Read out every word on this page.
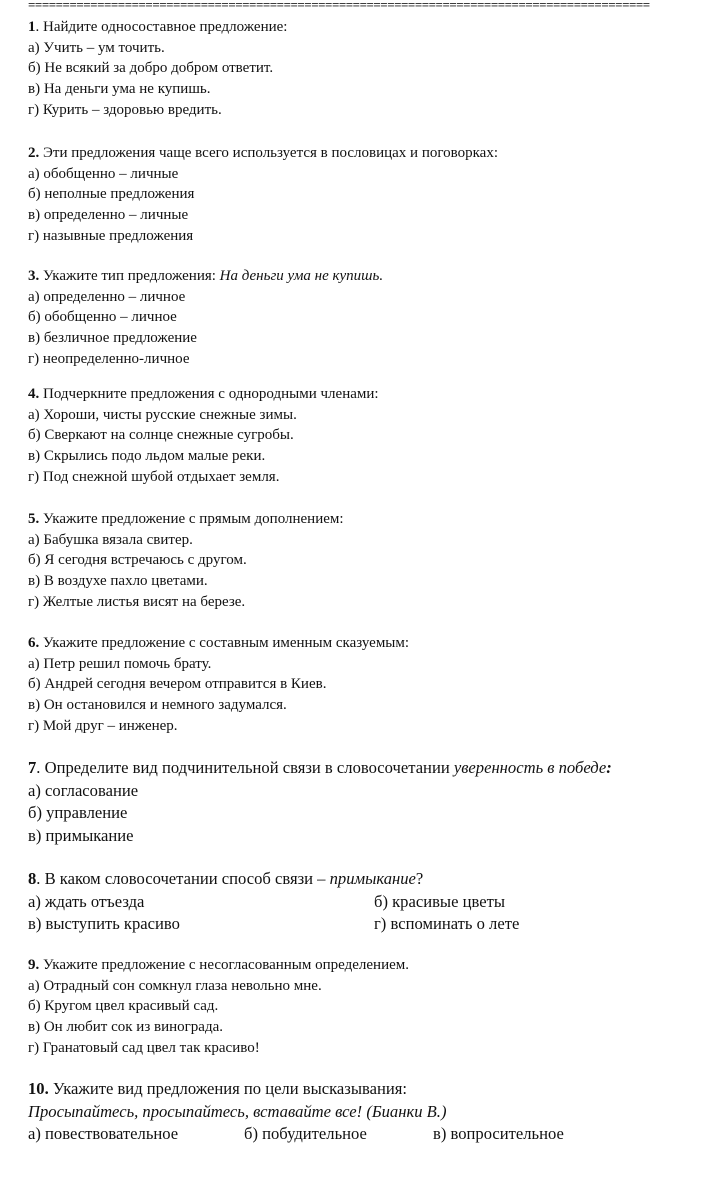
==========================================================================================
1. Найдите односоставное предложение:
а) Учить – ум точить.
б) Не всякий за добро добром ответит.
в) На деньги ума не купишь.
г) Курить – здоровью вредить.
2. Эти предложения чаще всего используется в пословицах и поговорках:
а) обобщенно – личные
б) неполные предложения
в) определенно – личные
г) назывные предложения
3. Укажите тип предложения: На деньги ума не купишь.
а) определенно – личное
б) обобщенно – личное
в) безличное предложение
г) неопределенно-личное
4. Подчеркните предложения с однородными членами:
а) Хороши, чисты русские снежные зимы.
б) Сверкают на солнце снежные сугробы.
в) Скрылись подо льдом малые реки.
г) Под снежной шубой отдыхает земля.
5. Укажите предложение с прямым дополнением:
а) Бабушка вязала свитер.
б) Я сегодня встречаюсь с другом.
в) В воздухе пахло цветами.
г) Желтые листья висят на березе.
6. Укажите предложение с составным именным сказуемым:
а) Петр решил помочь брату.
б) Андрей сегодня вечером отправится в Киев.
в) Он остановился и немного задумался.
г) Мой друг – инженер.
7. Определите вид подчинительной связи в словосочетании уверенность в победе:
а) согласование
б) управление
в) примыкание
8. В каком словосочетании способ связи – примыкание?
а) ждать отъезда	б) красивые цветы
в) выступить красиво	г) вспоминать о лете
9. Укажите предложение с несогласованным определением.
а) Отрадный сон сомкнул глаза невольно мне.
б) Кругом цвел красивый сад.
в) Он любит сок из винограда.
г) Гранатовый сад цвел так красиво!
10. Укажите вид предложения по цели высказывания:
Просыпайтесь, просыпайтесь, вставайте все! (Бианки В.)
а) повествовательное	б) побудительное	в) вопросительное
